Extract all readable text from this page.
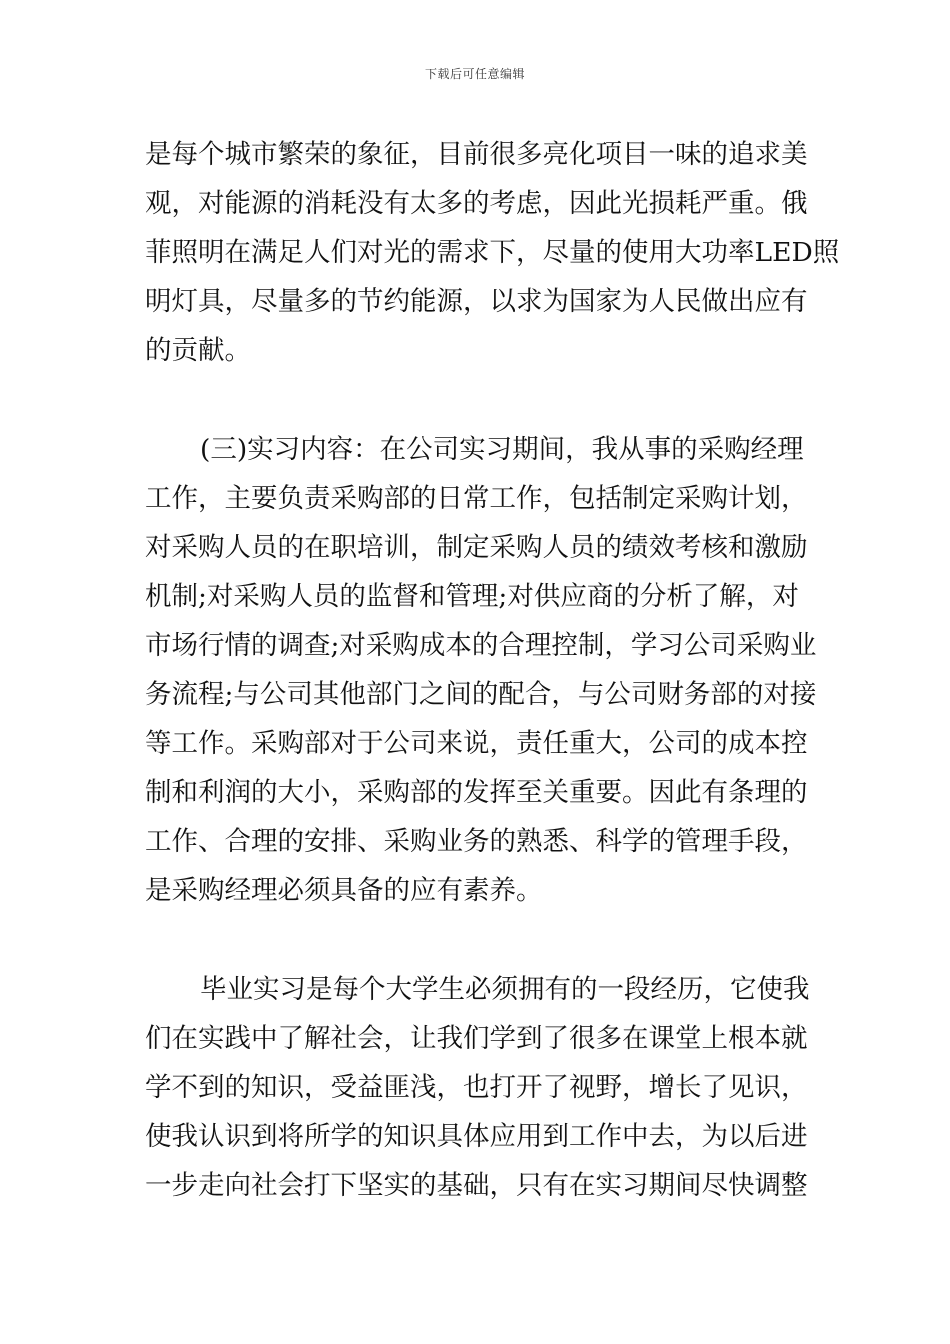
下载后可任意编辑
是每个城市繁荣的象征，目前很多亮化项目一味的追求美
观，对能源的消耗没有太多的考虑，因此光损耗严重。俄
菲照明在满足人们对光的需求下，尽量的使用大功率LED照
明灯具，尽量多的节约能源，以求为国家为人民做出应有
的贡献。
(三)实习内容：在公司实习期间，我从事的采购经理
工作，主要负责采购部的日常工作，包括制定采购计划，
对采购人员的在职培训，制定采购人员的绩效考核和激励
机制;对采购人员的监督和管理;对供应商的分析了解，对
市场行情的调查;对采购成本的合理控制，学习公司采购业
务流程;与公司其他部门之间的配合，与公司财务部的对接
等工作。采购部对于公司来说，责任重大，公司的成本控
制和利润的大小，采购部的发挥至关重要。因此有条理的
工作、合理的安排、采购业务的熟悉、科学的管理手段，
是采购经理必须具备的应有素养。
毕业实习是每个大学生必须拥有的一段经历，它使我
们在实践中了解社会，让我们学到了很多在课堂上根本就
学不到的知识，受益匪浅，也打开了视野，增长了见识，
使我认识到将所学的知识具体应用到工作中去，为以后进
一步走向社会打下坚实的基础，只有在实习期间尽快调整
